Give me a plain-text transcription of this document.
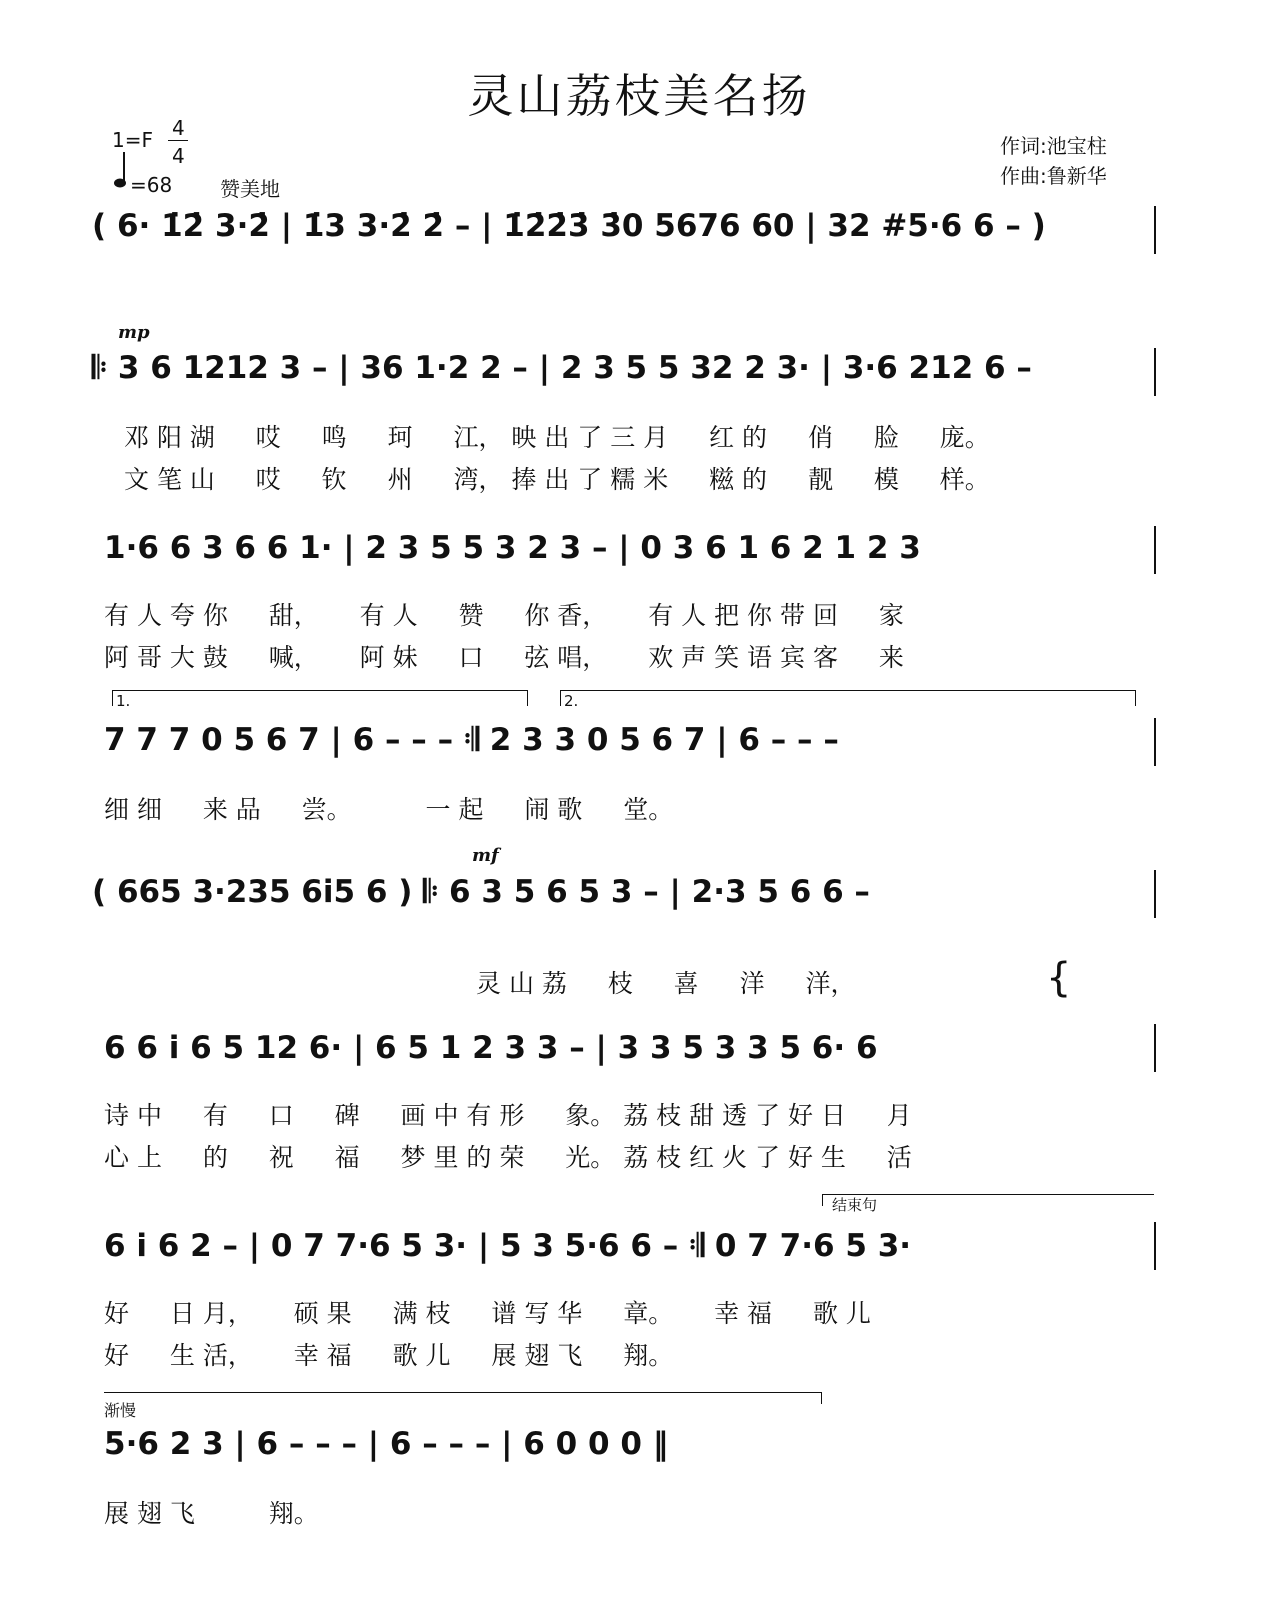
灵山荔枝美名扬
1=F 4
4
=68 赞美地
作词:池宝柱
作曲:鲁新华
( 6· 1̇2̇ 3·2̇ | 1̇3 3·2̇ 2̇ – | 1̇2̇2̇3̇ 3̇0 5676 60 | 32 #5·6 6 – )
mp
𝄆 3 6 1212 3 – | 36 1·2 2 – | 2 3 5 5 32 2 3· | 3·6 212 6 –
邓 阳 湖 　 哎 　 鸣 　 珂 　 江， 映 出 了 三 月 　 红 的 　 俏 　 脸 　 庞。
文 笔 山 　 哎 　 钦 　 州 　 湾， 捧 出 了 糯 米 　 糍 的 　 靓 　 模 　 样。
1·6 6 3 6 6 1· | 2 3 5 5 3 2 3 – | 0 3 6 1 6 2 1 2 3
有 人 夸 你 　 甜， 　 有 人 　 赞 　 你 香， 　 有 人 把 你 带 回 　 家
阿 哥 大 鼓 　 喊， 　 阿 妹 　 口 　 弦 唱， 　 欢 声 笑 语 宾 客 　 来
1.	2.
7 7 7 0 5 6 7 | 6 – – – 𝄇 2 3 3 0 5 6 7 | 6 – – –
细 细 　 来 品 　 尝。 　 　 一 起 　 闹 歌 　 堂。
mf
( 665 3·235 6i5 6 ) 𝄆 6 3 5 6 5 3 – | 2·3 5 6 6 –
灵 山 荔 　 枝 　 喜 　 洋 　 洋，	{
6 6 i 6 5 12 6· | 6 5 1 2 3 3 – | 3 3 5 3 3 5 6· 6
诗 中 　 有 　 口 　 碑 　 画 中 有 形 　 象。 荔 枝 甜 透 了 好 日 　 月
心 上 　 的 　 祝 　 福 　 梦 里 的 荣 　 光。 荔 枝 红 火 了 好 生 　 活
结束句
6 i 6 2 – | 0 7 7·6 5 3· | 5 3 5·6 6 – 𝄇 0 7 7·6 5 3·
好 　 日 月， 　 硕 果 　 满 枝 　 谱 写 华 　 章。 　 幸 福 　 歌 儿
好 　 生 活， 　 幸 福 　 歌 儿 　 展 翅 飞 　 翔。
渐慢
5·6 2 3 | 6 – – – | 6 – – – | 6 0 0 0 ‖
展 翅 飞 　 　 翔。
